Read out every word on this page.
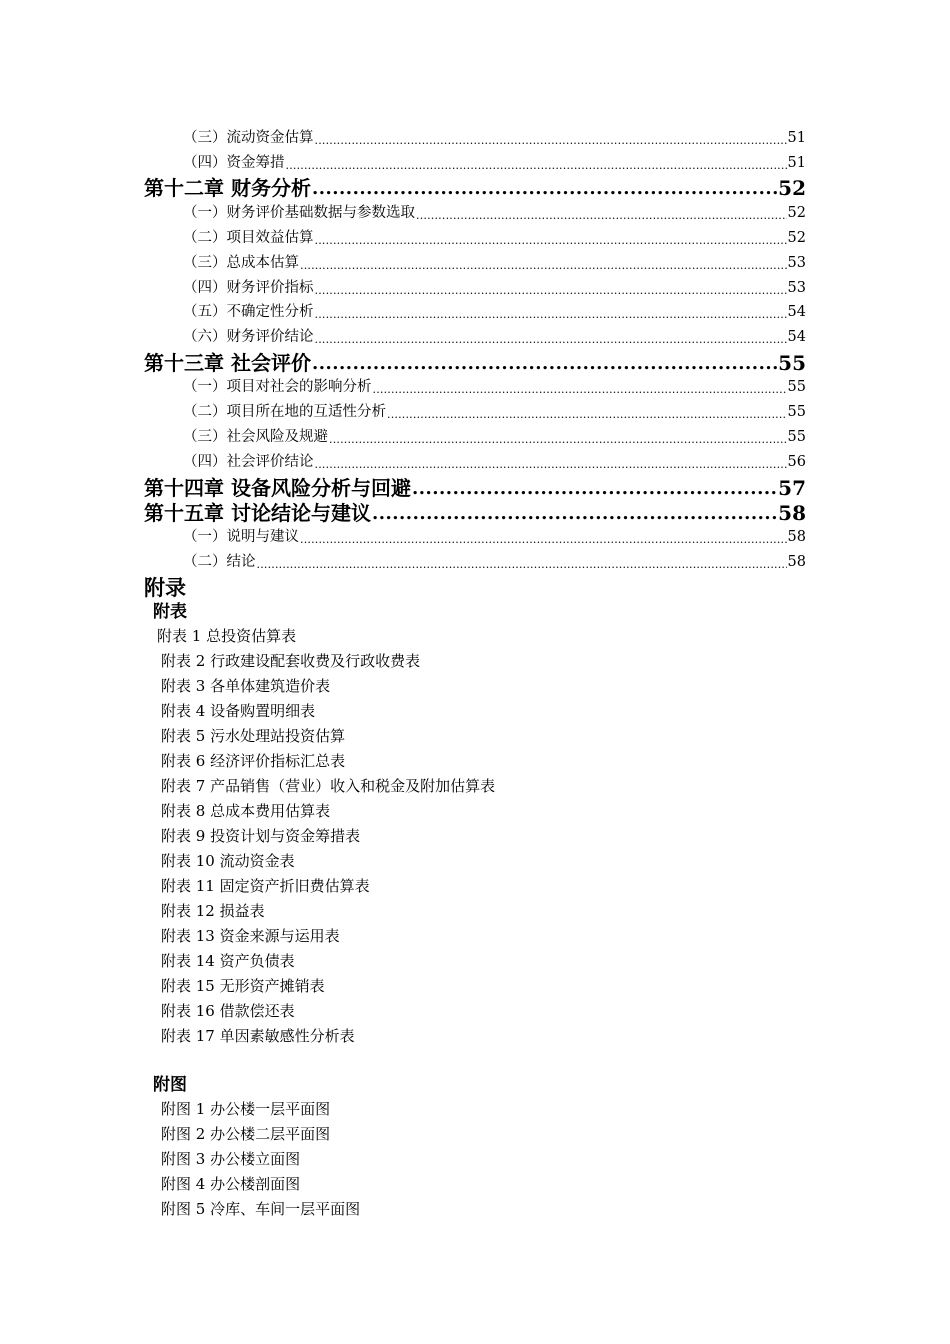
（三）流动资金估算 .....	51
（四）资金筹措 .....	51
第十二章 财务分析 .....	52
（一）财务评价基础数据与参数选取 .....	52
（二）项目效益估算 .....	52
（三）总成本估算 .....	53
（四）财务评价指标 .....	53
（五）不确定性分析 .....	54
（六）财务评价结论 .....	54
第十三章 社会评价 .....	55
（一）项目对社会的影响分析 .....	55
（二）项目所在地的互适性分析 .....	55
（三）社会风险及规避 .....	55
（四）社会评价结论 .....	56
第十四章 设备风险分析与回避 .....	57
第十五章 讨论结论与建议 .....	58
（一）说明与建议 .....	58
（二）结论 .....	58
附录
附表
附表 1 总投资估算表
附表 2 行政建设配套收费及行政收费表
附表 3 各单体建筑造价表
附表 4 设备购置明细表
附表 5 污水处理站投资估算
附表 6 经济评价指标汇总表
附表 7 产品销售（营业）收入和税金及附加估算表
附表 8 总成本费用估算表
附表 9 投资计划与资金筹措表
附表 10 流动资金表
附表 11 固定资产折旧费估算表
附表 12 损益表
附表 13 资金来源与运用表
附表 14 资产负债表
附表 15 无形资产摊销表
附表 16 借款偿还表
附表 17 单因素敏感性分析表
附图
附图 1 办公楼一层平面图
附图 2 办公楼二层平面图
附图 3 办公楼立面图
附图 4 办公楼剖面图
附图 5 冷库、车间一层平面图
